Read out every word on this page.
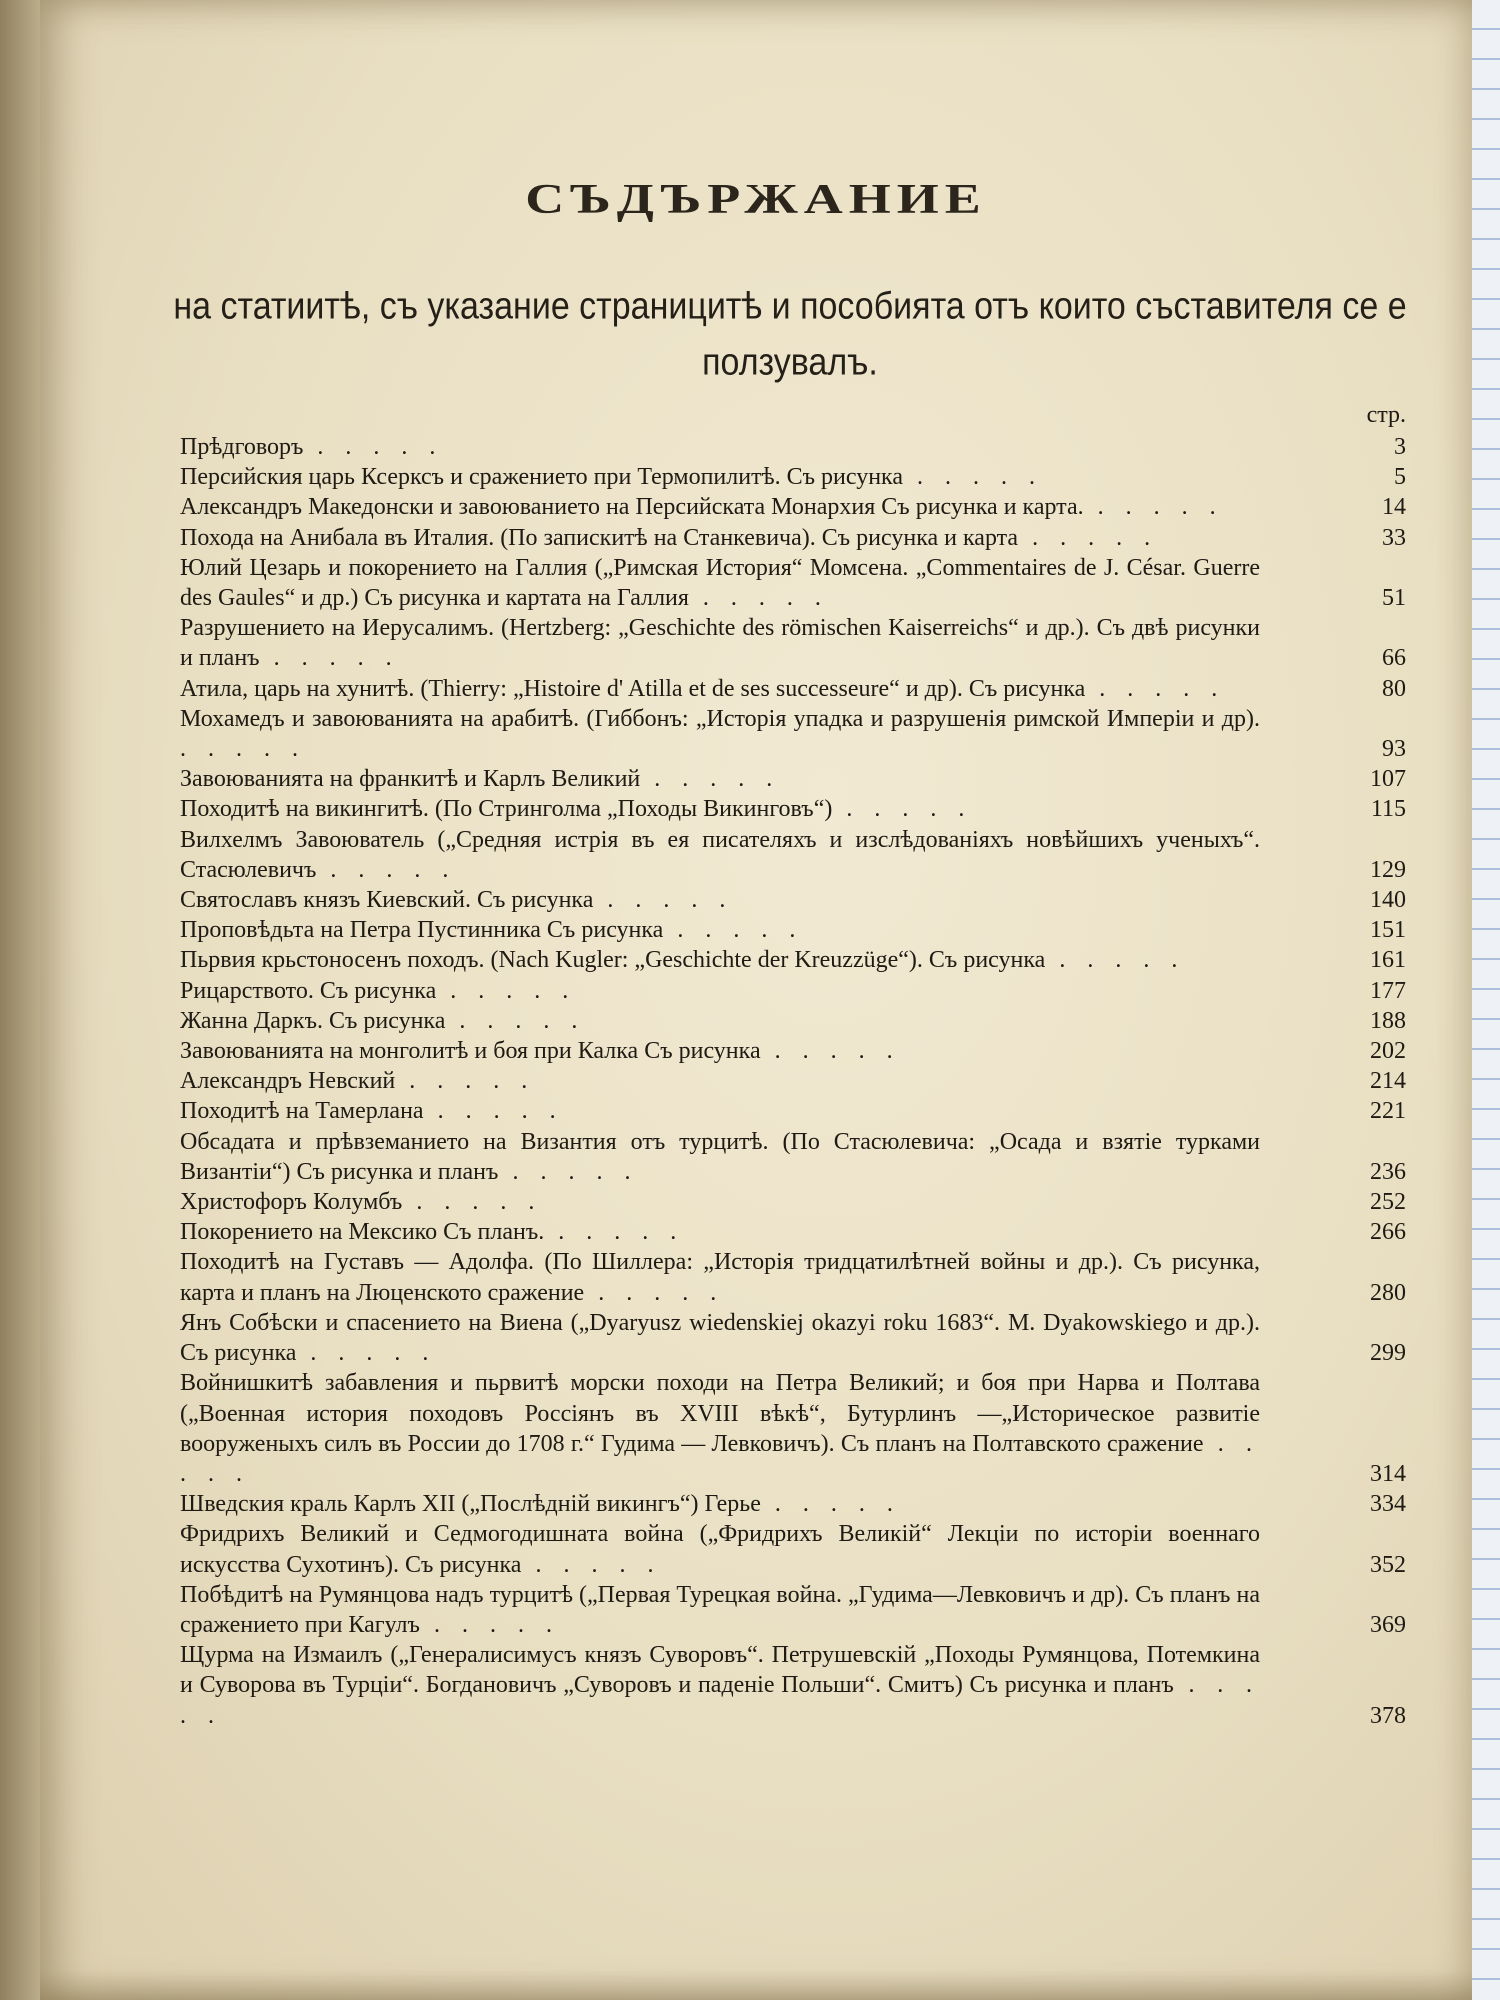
СЪДЪРЖАНИЕ
на статиитѣ, съ указание страницитѣ и пособията отъ които съставителя се е ползувалъ.
стр.
Прѣдговоръ . . . . .	3
Персийския царь Ксерксъ и сражението при Термопилитѣ. Съ рисунка . . . . .	5
Александръ Македонски и завоюванието на Персийската Монархия Съ рисунка и карта. . . . . .	14
Похода на Анибала въ Италия. (По запискитѣ на Станкевича). Съ рисунка и карта . . . . .	33
Юлий Цезарь и покорението на Галлия („Римская История“ Момсена. „Commentaires de J. César. Guerre des Gaules“ и др.) Съ рисунка и картата на Галлия . . . . .	51
Разрушението на Иерусалимъ. (Hertzberg: „Geschichte des römischen Kaiserreichs“ и др.). Съ двѣ рисунки и планъ . . . . .	66
Атила, царь на хунитѣ. (Thierry: „Histoire d' Atilla et de ses successeure“ и др). Съ рисунка . . . . .	80
Мохамедъ и завоюванията на арабитѣ. (Гиббонъ: „Исторія упадка и разрушенія римской Имперіи и др). . . . . .	93
Завоюванията на франкитѣ и Карлъ Великий . . . . .	107
Походитѣ на викингитѣ. (По Стринголма „Походы Викинговъ“) . . . . .	115
Вилхелмъ Завоюватель („Средняя истрія въ ея писателяхъ и изслѣдованіяхъ новѣйшихъ ученыхъ“. Стасюлевичъ . . . . .	129
Святославъ князъ Киевский. Съ рисунка . . . . .	140
Проповѣдьта на Петра Пустинника Съ рисунка . . . . .	151
Пьрвия крьстоносенъ походъ. (Nach Kugler: „Geschichte der Kreuzzüge“). Съ рисунка . . . . .	161
Рицарството. Съ рисунка . . . . .	177
Жанна Даркъ. Съ рисунка . . . . .	188
Завоюванията на монголитѣ и боя при Калка Съ рисунка . . . . .	202
Александръ Невский . . . . .	214
Походитѣ на Тамерлана . . . . .	221
Обсадата и прѣвземанието на Византия отъ турцитѣ. (По Стасюлевича: „Осада и взятіе турками Византіи“) Съ рисунка и планъ . . . . .	236
Христофоръ Колумбъ . . . . .	252
Покорението на Мексико Съ планъ. . . . . .	266
Походитѣ на Густавъ — Адолфа. (По Шиллера: „Исторія тридцатилѣтней войны и др.). Съ рисунка, карта и планъ на Люценското сражение . . . . .	280
Янъ Собѣски и спасението на Виена („Dyaryusz wiedenskiej okazyi roku 1683“. M. Dyakowskiego и др.). Съ рисунка . . . . .	299
Войнишкитѣ забавления и пьрвитѣ морски походи на Петра Великий; и боя при Нарва и Полтава („Военная история походовъ Россіянъ въ XVIII вѣкѣ“, Бутурлинъ —„Историческое развитіе вооруженыхъ силъ въ России до 1708 г.“ Гудима — Левковичъ). Съ планъ на Полтавското сражение . . . . .	314
Шведския краль Карлъ XII („Послѣдній викингъ“) Герье . . . . .	334
Фридрихъ Великий и Седмогодишната война („Фридрихъ Великій“ Лекціи по исторіи военнаго искусства Сухотинъ). Съ рисунка . . . . .	352
Побѣдитѣ на Румянцова надъ турцитѣ („Первая Турецкая война. „Гудима—Левковичъ и др). Съ планъ на сражението при Кагулъ . . . . .	369
Щурма на Измаилъ („Генералисимусъ князъ Суворовъ“. Петрушевскій „Походы Румянцова, Потемкина и Суворова въ Турціи“. Богдановичъ „Суворовъ и паденіе Польши“. Смитъ) Съ рисунка и планъ . . . . .	378
